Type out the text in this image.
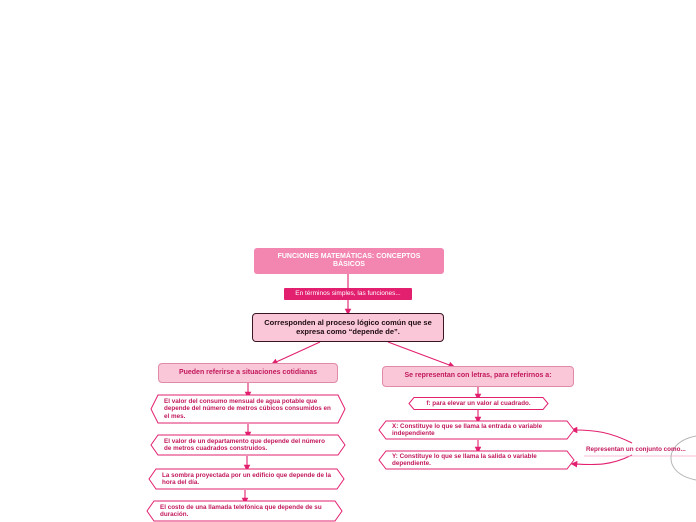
FUNCIONES MATEMÁTICAS: CONCEPTOS BÁSICOS
En términos simples, las funciones...
Corresponden al proceso lógico común que se expresa como “depende de”.
Pueden referirse a situaciones cotidianas	Se representan con letras, para referirnos a:
El valor del consumo mensual de agua potable que depende del número de metros cúbicos consumidos en el mes.
El valor de un departamento que depende del número de metros cuadrados construidos.
La sombra proyectada por un edificio que depende de la hora del día.
El costo de una llamada telefónica que depende de su duración.
f: para elevar un valor al cuadrado.
X: Constituye lo que se llama la entrada o variable independiente
Y: Constituye lo que se llama la salida o variable dependiente.
Representan un conjunto como...
